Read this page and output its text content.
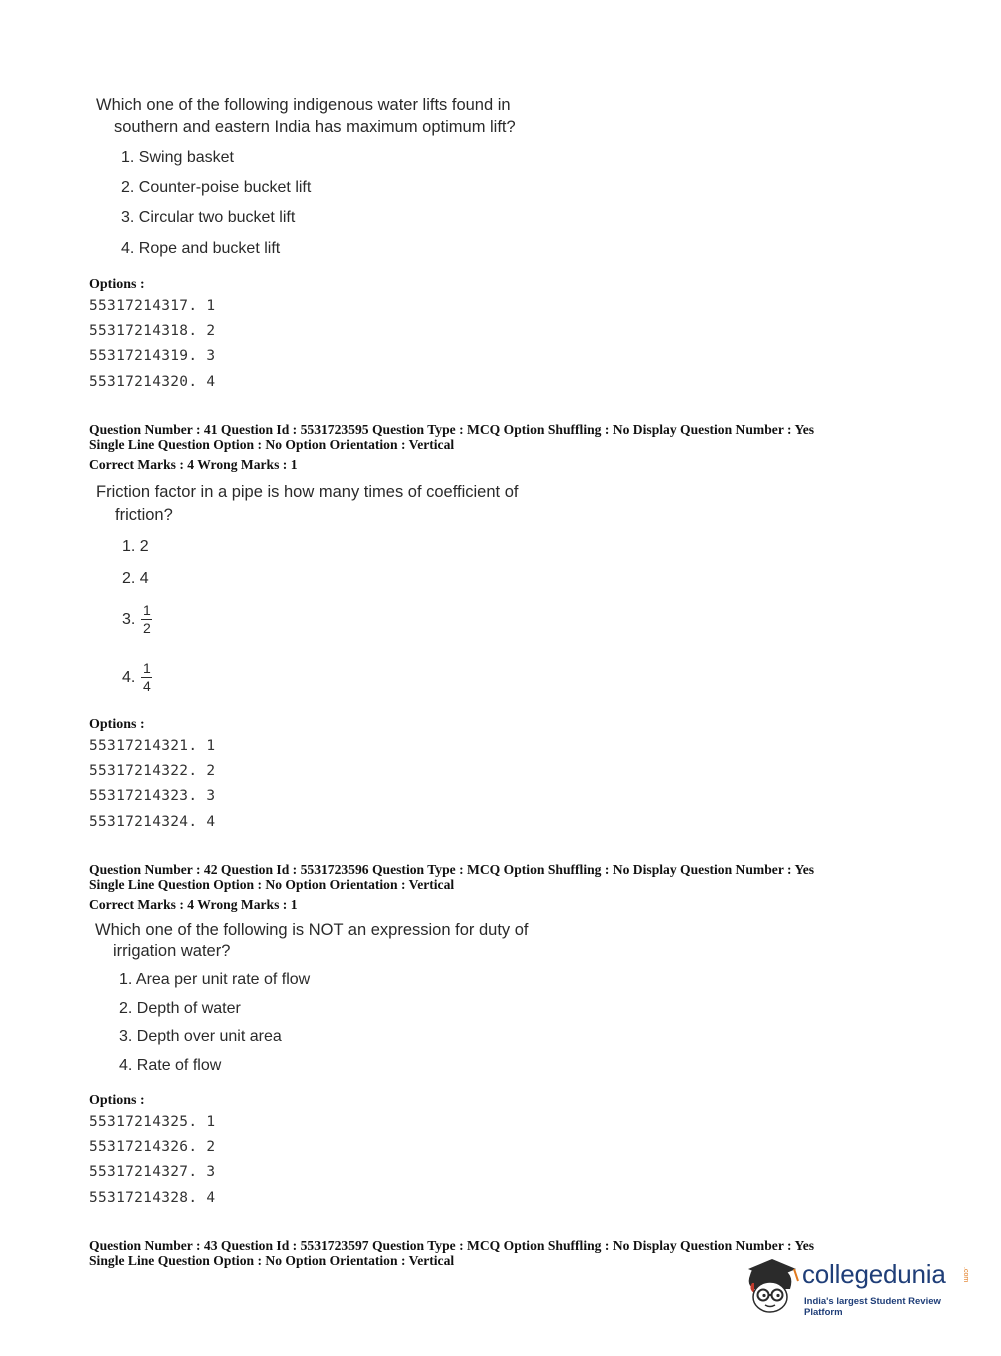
Which one of the following indigenous water lifts found in
southern and eastern India has maximum optimum lift?
1. Swing basket
2. Counter-poise bucket lift
3. Circular two bucket lift
4. Rope and bucket lift
Options :
55317214317. 1
55317214318. 2
55317214319. 3
55317214320. 4
Question Number : 41 Question Id : 5531723595 Question Type : MCQ Option Shuffling : No Display Question Number : Yes
Single Line Question Option : No Option Orientation : Vertical
Correct Marks : 4 Wrong Marks : 1
Friction factor in a pipe is how many times of coefficient of
friction?
1. 2
2. 4
3. $\frac{1}{2}$
4. $\frac{1}{4}$
Options :
55317214321. 1
55317214322. 2
55317214323. 3
55317214324. 4
Question Number : 42 Question Id : 5531723596 Question Type : MCQ Option Shuffling : No Display Question Number : Yes
Single Line Question Option : No Option Orientation : Vertical
Correct Marks : 4 Wrong Marks : 1
Which one of the following is NOT an expression for duty of
irrigation water?
1. Area per unit rate of flow
2. Depth of water
3. Depth over unit area
4. Rate of flow
Options :
55317214325. 1
55317214326. 2
55317214327. 3
55317214328. 4
Question Number : 43 Question Id : 5531723597 Question Type : MCQ Option Shuffling : No Display Question Number : Yes
Single Line Question Option : No Option Orientation : Vertical	collegedunia .com
India's largest Student Review Platform
